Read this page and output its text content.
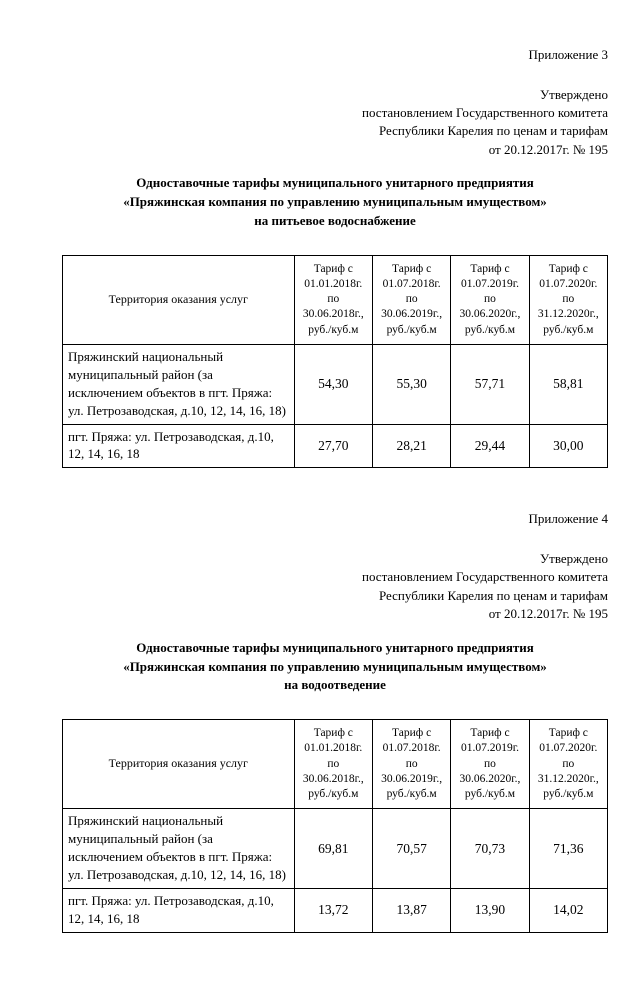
Приложение 3
Утверждено
постановлением Государственного комитета
Республики Карелия по ценам и тарифам
от 20.12.2017г. № 195
Одноставочные тарифы муниципального унитарного предприятия
«Пряжинская компания по управлению муниципальным имуществом»
на питьевое водоснабжение
Территория оказания услуг	Тариф с 01.01.2018г. по 30.06.2018г., руб./куб.м	Тариф с 01.07.2018г. по 30.06.2019г., руб./куб.м	Тариф с 01.07.2019г. по 30.06.2020г., руб./куб.м	Тариф с 01.07.2020г. по 31.12.2020г., руб./куб.м
Пряжинский национальный муниципальный район (за исключением объектов в пгт. Пряжа: ул. Петрозаводская, д.10, 12, 14, 16, 18)	54,30	55,30	57,71	58,81
пгт. Пряжа: ул. Петрозаводская, д.10, 12, 14, 16, 18	27,70	28,21	29,44	30,00
Приложение 4
Утверждено
постановлением Государственного комитета
Республики Карелия по ценам и тарифам
от 20.12.2017г. № 195
Одноставочные тарифы муниципального унитарного предприятия
«Пряжинская компания по управлению муниципальным имуществом»
на водоотведение
Территория оказания услуг	Тариф с 01.01.2018г. по 30.06.2018г., руб./куб.м	Тариф с 01.07.2018г. по 30.06.2019г., руб./куб.м	Тариф с 01.07.2019г. по 30.06.2020г., руб./куб.м	Тариф с 01.07.2020г. по 31.12.2020г., руб./куб.м
Пряжинский национальный муниципальный район (за исключением объектов в пгт. Пряжа: ул. Петрозаводская, д.10, 12, 14, 16, 18)	69,81	70,57	70,73	71,36
пгт. Пряжа: ул. Петрозаводская, д.10, 12, 14, 16, 18	13,72	13,87	13,90	14,02
